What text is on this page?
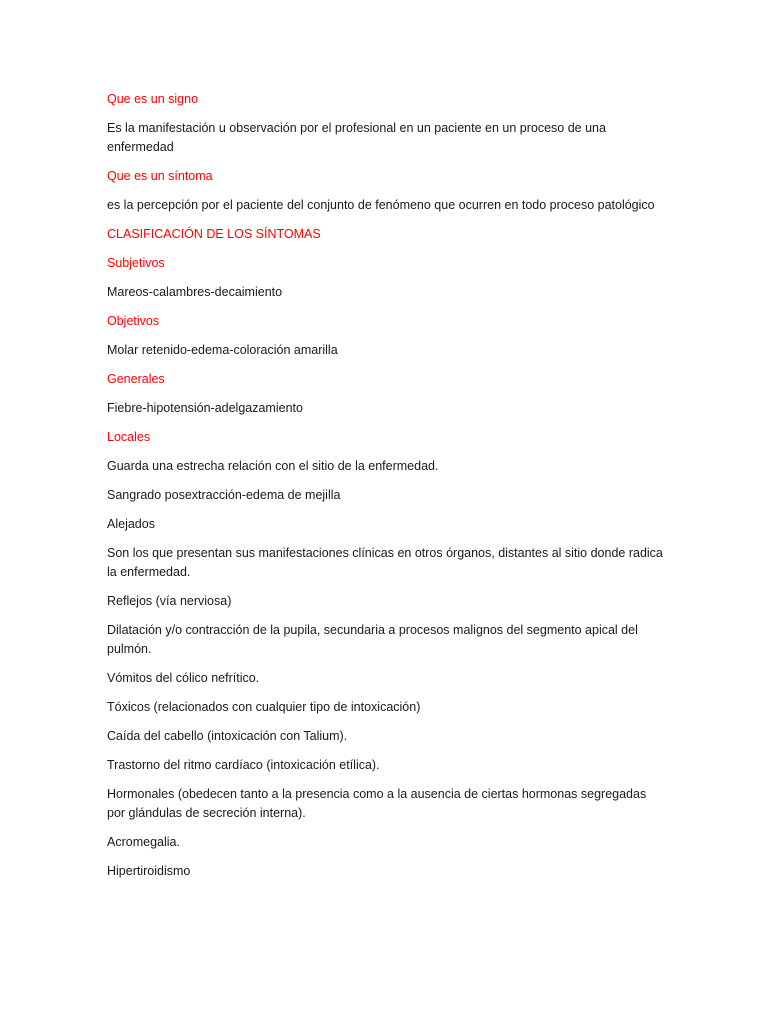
Que es un signo

Es la manifestación u observación por el profesional en un paciente en un proceso de una enfermedad

Que es un síntoma

es la percepción por el paciente del conjunto de fenómeno que ocurren en todo proceso patológico

CLASIFICACIÓN DE LOS SÍNTOMAS

Subjetivos

Mareos-calambres-decaimiento

Objetivos

Molar retenido-edema-coloración amarilla

Generales

Fiebre-hipotensión-adelgazamiento

Locales

Guarda una estrecha relación con el sitio de la enfermedad.

Sangrado posextracción-edema de mejilla

Alejados

Son los que presentan sus manifestaciones clínicas en otros órganos, distantes al sitio donde radica la enfermedad.

Reflejos (vía nerviosa)

Dilatación y/o contracción de la pupila, secundaria a procesos malignos del segmento apical del pulmón.

Vómitos del cólico nefrítico.

Tóxicos (relacionados con cualquier tipo de intoxicación)

Caída del cabello (intoxicación con Talium).

Trastorno del ritmo cardíaco (intoxicación etílica).

Hormonales (obedecen tanto a la presencia como a la ausencia de ciertas hormonas segregadas por glándulas de secreción interna).

Acromegalia.

Hipertiroidismo
